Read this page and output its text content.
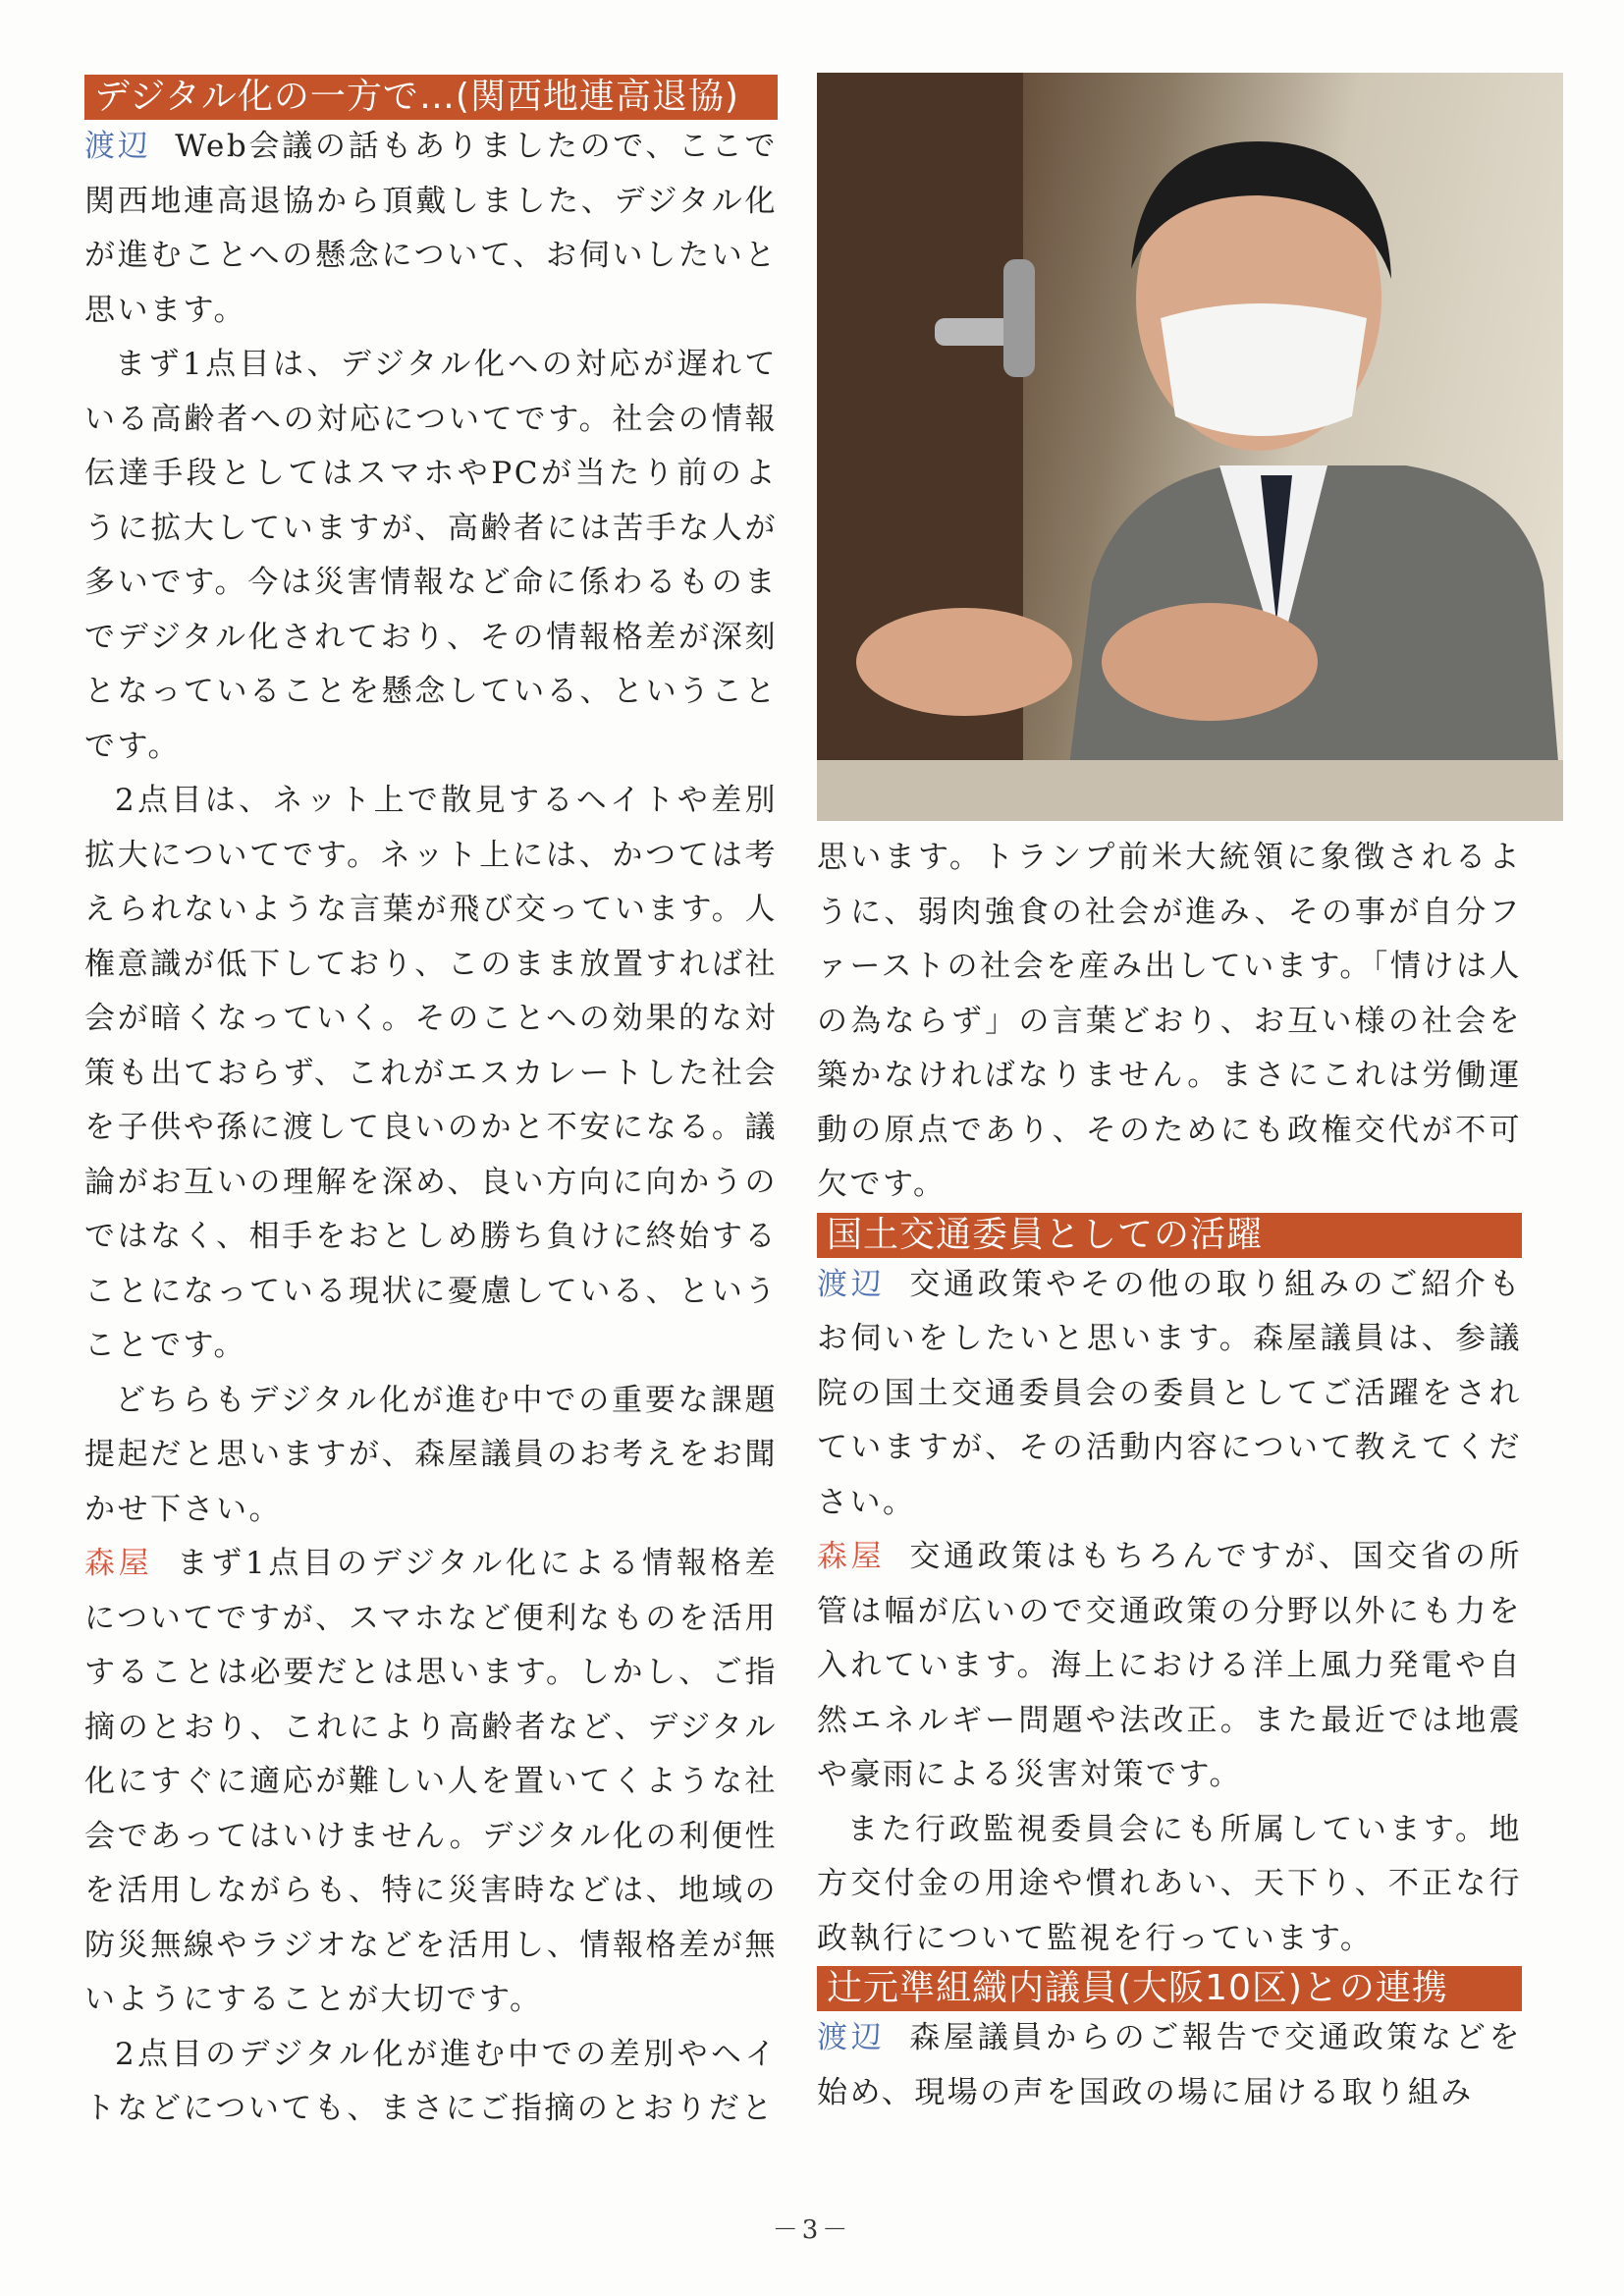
デジタル化の一方で…(関西地連高退協)

渡辺 Web会議の話もありましたので、ここで関西地連高退協から頂戴しました、デジタル化が進むことへの懸念について、お伺いしたいと思います。

まず1点目は、デジタル化への対応が遅れている高齢者への対応についてです。社会の情報伝達手段としてはスマホやPCが当たり前のように拡大していますが、高齢者には苦手な人が多いです。今は災害情報など命に係わるものまでデジタル化されており、その情報格差が深刻となっていることを懸念している、ということです。

2点目は、ネット上で散見するヘイトや差別拡大についてです。ネット上には、かつては考えられないような言葉が飛び交っています。人権意識が低下しており、このまま放置すれば社会が暗くなっていく。そのことへの効果的な対策も出ておらず、これがエスカレートした社会を子供や孫に渡して良いのかと不安になる。議論がお互いの理解を深め、良い方向に向かうのではなく、相手をおとしめ勝ち負けに終始することになっている現状に憂慮している、ということです。

どちらもデジタル化が進む中での重要な課題提起だと思いますが、森屋議員のお考えをお聞かせ下さい。

森屋 まず1点目のデジタル化による情報格差についてですが、スマホなど便利なものを活用することは必要だとは思います。しかし、ご指摘のとおり、これにより高齢者など、デジタル化にすぐに適応が難しい人を置いてくような社会であってはいけません。デジタル化の利便性を活用しながらも、特に災害時などは、地域の防災無線やラジオなどを活用し、情報格差が無いようにすることが大切です。

2点目のデジタル化が進む中での差別やヘイトなどについても、まさにご指摘のとおりだと

思います。トランプ前米大統領に象徴されるように、弱肉強食の社会が進み、その事が自分ファーストの社会を産み出しています。「情けは人の為ならず」の言葉どおり、お互い様の社会を築かなければなりません。まさにこれは労働運動の原点であり、そのためにも政権交代が不可欠です。

国土交通委員としての活躍

渡辺 交通政策やその他の取り組みのご紹介もお伺いをしたいと思います。森屋議員は、参議院の国土交通委員会の委員としてご活躍をされていますが、その活動内容について教えてください。

森屋 交通政策はもちろんですが、国交省の所管は幅が広いので交通政策の分野以外にも力を入れています。海上における洋上風力発電や自然エネルギー問題や法改正。また最近では地震や豪雨による災害対策です。

また行政監視委員会にも所属しています。地方交付金の用途や慣れあい、天下り、不正な行政執行について監視を行っています。

辻元準組織内議員(大阪10区)との連携

渡辺 森屋議員からのご報告で交通政策などを始め、現場の声を国政の場に届ける取り組み

－3－
